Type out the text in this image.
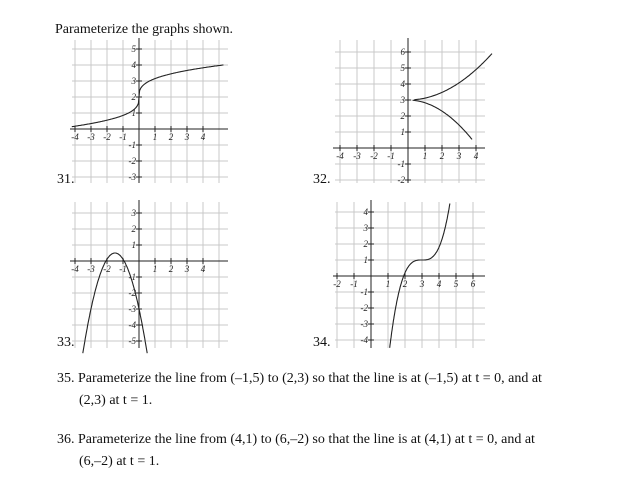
Parameterize the graphs shown.
31.	32.
33.	34.
-4 -3 -2 -1	1 2 3 4
-3
-2
-1
1
2
3
4
5
-4 -3 -2 -1	1 2 3 4
-2
-1
1
2
3
4
5
6
-4 -3 -2 -1	1 2 3 4
-5
-4
-3
-2
-1
1
2
3
-2 -1	1 2 3 4 5 6
-4
-3
-2
-1
1
2
3
4
35. Parameterize the line from (–1,5) to (2,3) so that the line is at (–1,5) at t = 0, and at
(2,3) at t = 1.
36. Parameterize the line from (4,1) to (6,–2) so that the line is at (4,1) at t = 0, and at
(6,–2) at t = 1.
